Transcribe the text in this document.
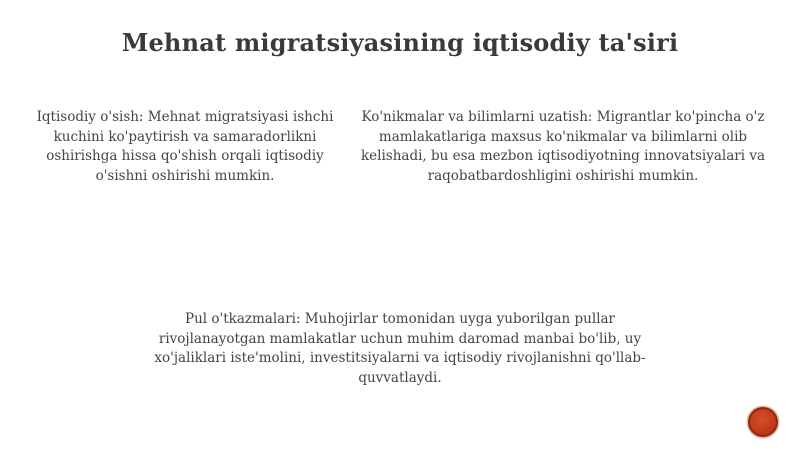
Mehnat migratsiyasining iqtisodiy ta'siri
Iqtisodiy o'sish: Mehnat migratsiyasi ishchi kuchini ko'paytirish va samaradorlikni oshirishga hissa qo'shish orqali iqtisodiy o'sishni oshirishi mumkin.
Ko'nikmalar va bilimlarni uzatish: Migrantlar ko'pincha o'z mamlakatlariga maxsus ko'nikmalar va bilimlarni olib kelishadi, bu esa mezbon iqtisodiyotning innovatsiyalari va raqobatbardoshligini oshirishi mumkin.
Pul o'tkazmalari: Muhojirlar tomonidan uyga yuborilgan pullar rivojlanayotgan mamlakatlar uchun muhim daromad manbai bo'lib, uy xo'jaliklari iste'molini, investitsiyalarni va iqtisodiy rivojlanishni qo'llab-quvvatlaydi.
